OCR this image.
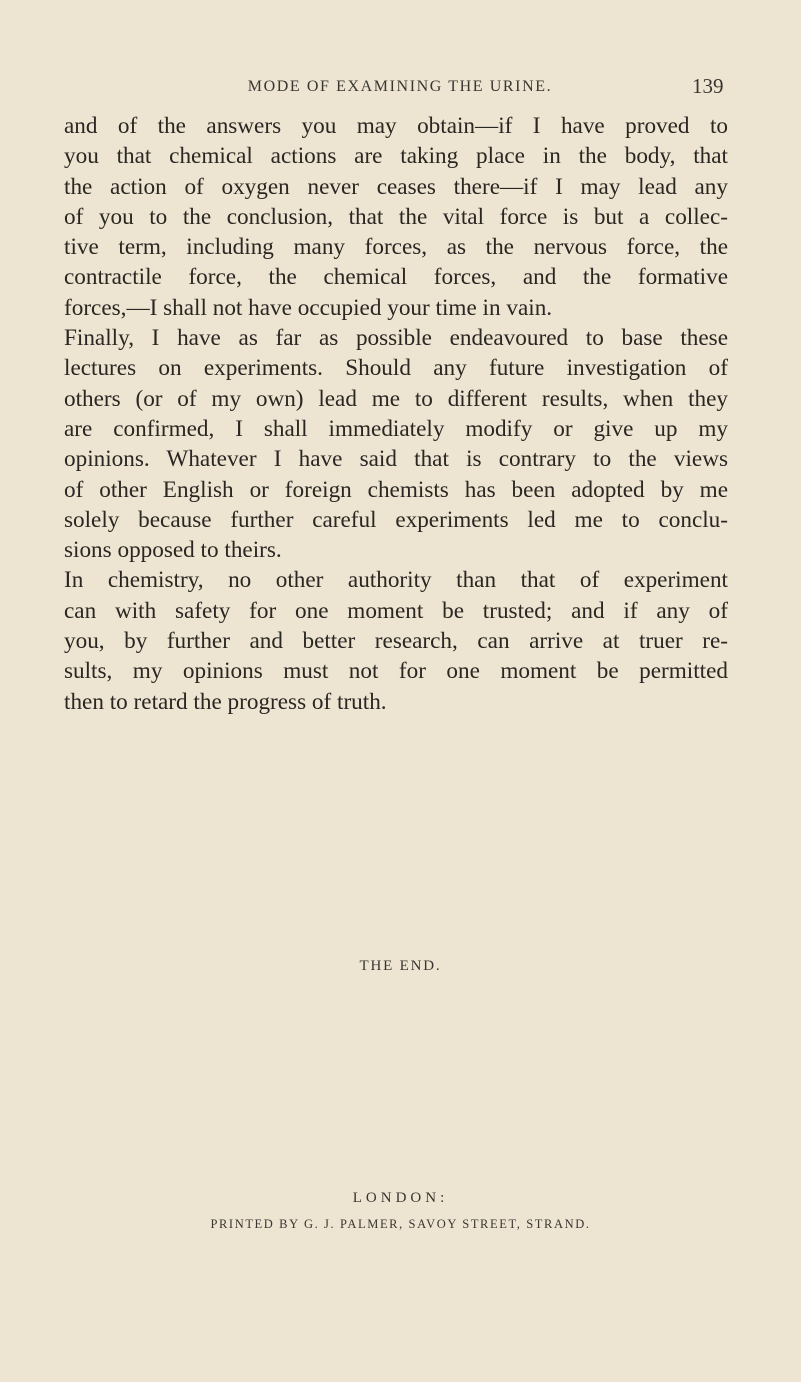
MODE OF EXAMINING THE URINE.	139
and of the answers you may obtain—if I have proved to
you that chemical actions are taking place in the body, that
the action of oxygen never ceases there—if I may lead any
of you to the conclusion, that the vital force is but a collec-
tive term, including many forces, as the nervous force, the
contractile force, the chemical forces, and the formative
forces,—I shall not have occupied your time in vain.
Finally, I have as far as possible endeavoured to base these
lectures on experiments. Should any future investigation of
others (or of my own) lead me to different results, when they
are confirmed, I shall immediately modify or give up my
opinions. Whatever I have said that is contrary to the views
of other English or foreign chemists has been adopted by me
solely because further careful experiments led me to conclu-
sions opposed to theirs.
In chemistry, no other authority than that of experiment
can with safety for one moment be trusted; and if any of
you, by further and better research, can arrive at truer re-
sults, my opinions must not for one moment be permitted
then to retard the progress of truth.
THE END.
LONDON:
PRINTED BY G. J. PALMER, SAVOY STREET, STRAND.
